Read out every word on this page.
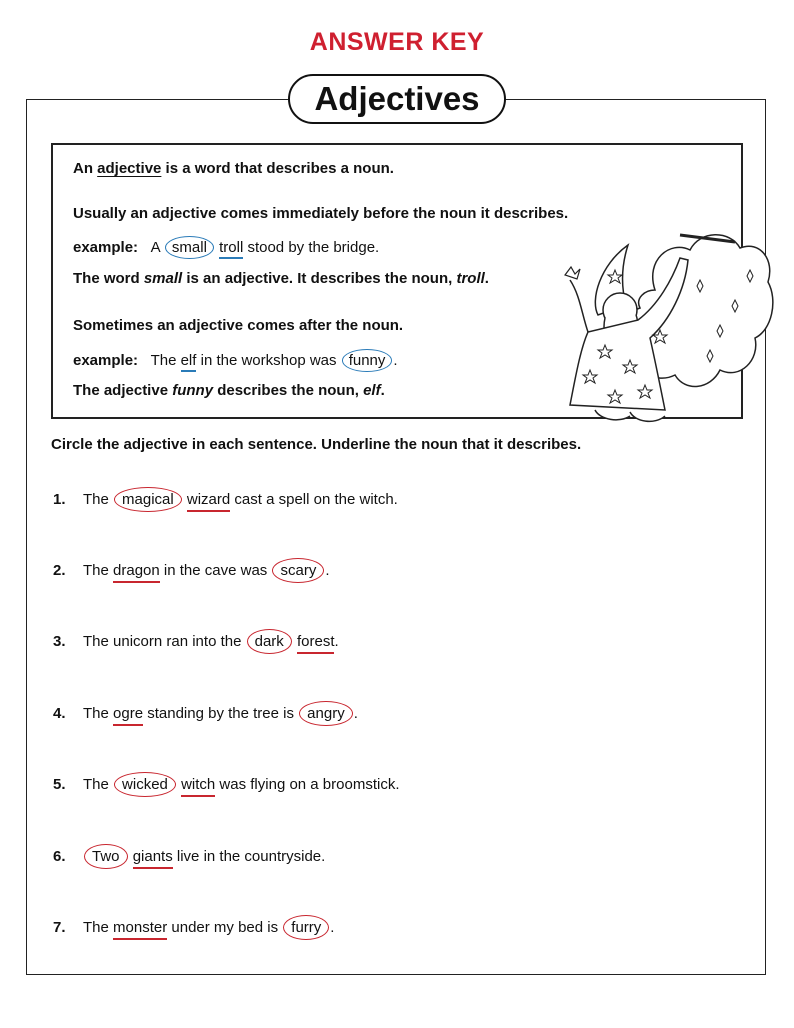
ANSWER KEY
Adjectives
An adjective is a word that describes a noun.
Usually an adjective comes immediately before the noun it describes.
example: A small troll stood by the bridge.
The word small is an adjective. It describes the noun, troll.
Sometimes an adjective comes after the noun.
example: The elf in the workshop was funny .
The adjective funny describes the noun, elf.
Circle the adjective in each sentence. Underline the noun that it describes.
1. The magical wizard cast a spell on the witch.
2. The dragon in the cave was scary .
3. The unicorn ran into the dark forest.
4. The ogre standing by the tree is angry .
5. The wicked witch was flying on a broomstick.
6. Two giants live in the countryside.
7. The monster under my bed is furry .
